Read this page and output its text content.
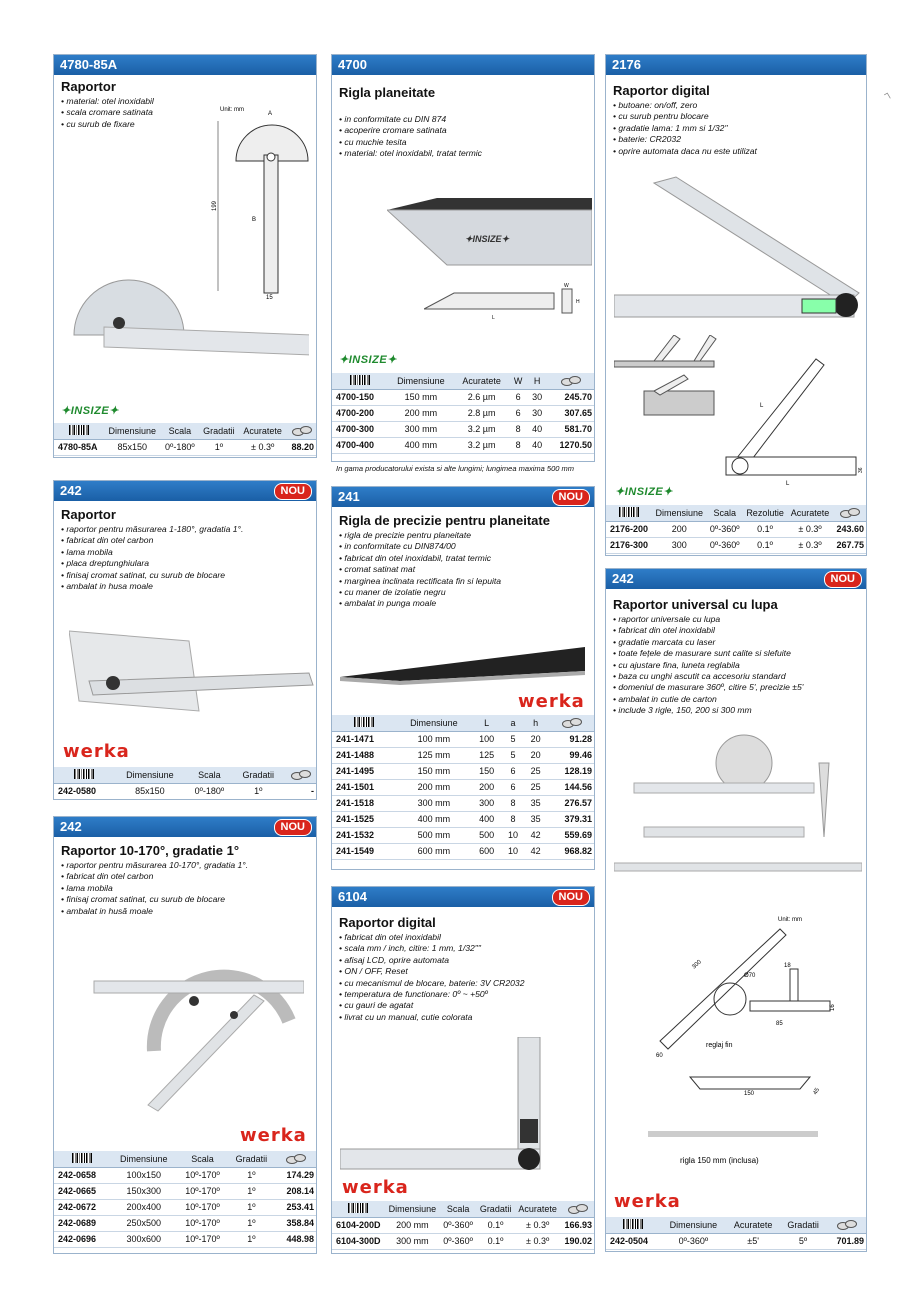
┐
4780-85A
Raportor
• material: otel inoxidabil
• scala cromare satinata
• cu surub de fixare
Unit: mm
A
199
B
15
✦INSIZE✦
	Dimensiune	Scala	Gradatii	Acuratete	
4780-85A	85x150	0º-180º	1º	± 0.3º	88.20
4700
Rigla planeitate
• in conformitate cu DIN 874
• acoperire cromare satinata
• cu muchie tesita
• material: otel inoxidabil, tratat termic
✦INSIZE✦
W
H
L
✦INSIZE✦
	Dimensiune	Acuratete	W	H	
4700-150	150 mm	2.6 µm	6	30	245.70
4700-200	200 mm	2.8 µm	6	30	307.65
4700-300	300 mm	3.2 µm	8	40	581.70
4700-400	400 mm	3.2 µm	8	40	1270.50
In gama producatorului exista si alte lungimi; lungimea maxima 500 mm
2176
Raportor digital
• butoane: on/off, zero
• cu surub pentru blocare
• gradatie lama: 1 mm si 1/32"
• baterie: CR2032
• oprire automata daca nu este utilizat
L
L
36
✦INSIZE✦
	Dimensiune	Scala	Rezolutie	Acuratete	
2176-200	200	0º-360º	0.1º	± 0.3º	243.60
2176-300	300	0º-360º	0.1º	± 0.3º	267.75
242	NOU
Raportor
• raportor pentru măsurarea 1-180°, gradatia 1°.
• fabricat din otel carbon
• lama mobila
• placa dreptunghiulara
• finisaj cromat satinat, cu surub de blocare
• ambalat in husa moale
werka
	Dimensiune	Scala	Gradatii	
242-0580	85x150	0º-180º	1º	-
241	NOU
Rigla de precizie pentru planeitate
• rigla de precizie pentru planeitate
• in conformitate cu DIN874/00
• fabricat din otel inoxidabil, tratat termic
• cromat satinat mat
• marginea inclinata rectificata fin si lepuita
• cu maner de izolatie negru
• ambalat in punga moale
werka
	Dimensiune	L	a	h	
241-1471	100 mm	100	5	20	91.28
241-1488	125 mm	125	5	20	99.46
241-1495	150 mm	150	6	25	128.19
241-1501	200 mm	200	6	25	144.56
241-1518	300 mm	300	8	35	276.57
241-1525	400 mm	400	8	35	379.31
241-1532	500 mm	500	10	42	559.69
241-1549	600 mm	600	10	42	968.82
242	NOU
Raportor 10-170°, gradatie 1°
• raportor pentru măsurarea 10-170°, gradatia 1°.
• fabricat din otel carbon
• lama mobila
• finisaj cromat satinat, cu surub de blocare
• ambalat in husă moale
werka
	Dimensiune	Scala	Gradatii	
242-0658	100x150	10º-170º	1º	174.29
242-0665	150x300	10º-170º	1º	208.14
242-0672	200x400	10º-170º	1º	253.41
242-0689	250x500	10º-170º	1º	358.84
242-0696	300x600	10º-170º	1º	448.98
6104	NOU
Raportor digital
• fabricat din otel inoxidabil
• scala mm / inch, citire: 1 mm, 1/32""
• afisaj LCD, oprire automata
• ON / OFF, Reset
• cu mecanismul de blocare, baterie: 3V CR2032
• temperatura de functionare: 0º ~ +50º
• cu gauri de agatat
• livrat cu un manual, cutie colorata
werka
	Dimensiune	Scala	Gradatii	Acuratete	
6104-200D	200 mm	0º-360º	0.1º	± 0.3º	166.93
6104-300D	300 mm	0º-360º	0.1º	± 0.3º	190.02
242	NOU
Raportor universal cu lupa
• raportor universale cu lupa
• fabricat din otel inoxidabil
• gradatie marcata cu laser
• toate fețele de masurare sunt calite si slefuite
• cu ajustare fina, luneta reglabila
• baza cu unghi ascutit ca accesoriu standard
• domeniul de masurare 360º, citire 5', precizie ±5'
• ambalat in cutie de carton
• include 3 rigle, 150, 200 si 300 mm
Unit: mm
300
Ø70
18
16
85
60
reglaj fin
150	45
rigla 150 mm (inclusa)
werka
	Dimensiune	Acuratete	Gradatii	
242-0504	0º-360º	±5'	5º	701.89
